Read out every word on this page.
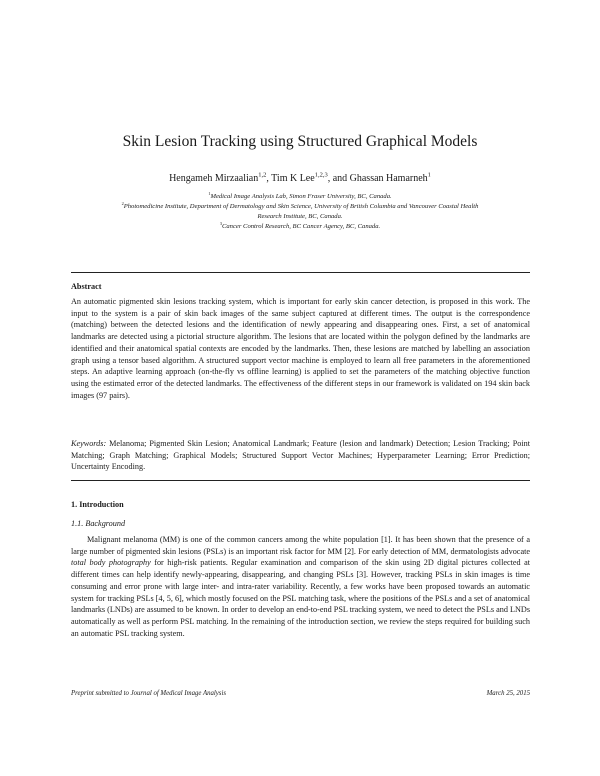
Skin Lesion Tracking using Structured Graphical Models
Hengameh Mirzaalian$^{1,2}$, Tim K Lee$^{1,2,3}$, and Ghassan Hamarneh$^1$
$^1$Medical Image Analysis Lab, Simon Fraser University, BC, Canada.
$^2$Photomedicine Institute, Department of Dermatology and Skin Science, University of British Columbia and Vancouver Coastal Health
Research Institute, BC, Canada.
$^3$Cancer Control Research, BC Cancer Agency, BC, Canada.
Abstract

An automatic pigmented skin lesions tracking system, which is important for early skin cancer detection, is proposed in this work. The input to the system is a pair of skin back images of the same subject captured at different times. The output is the correspondence (matching) between the detected lesions and the identification of newly appearing and disappearing ones. First, a set of anatomical landmarks are detected using a pictorial structure algorithm. The lesions that are located within the polygon defined by the landmarks are identified and their anatomical spatial contexts are encoded by the landmarks. Then, these lesions are matched by labelling an association graph using a tensor based algorithm. A structured support vector machine is employed to learn all free parameters in the aforementioned steps. An adaptive learning approach (on-the-fly vs offline learning) is applied to set the parameters of the matching objective function using the estimated error of the detected landmarks. The effectiveness of the different steps in our framework is validated on 194 skin back images (97 pairs).

Keywords: Melanoma; Pigmented Skin Lesion; Anatomical Landmark; Feature (lesion and landmark) Detection; Lesion Tracking; Point Matching; Graph Matching; Graphical Models; Structured Support Vector Machines; Hyperparameter Learning; Error Prediction; Uncertainty Encoding.

1. Introduction
1.1. Background

Malignant melanoma (MM) is one of the common cancers among the white population [1]. It has been shown that the presence of a large number of pigmented skin lesions (PSLs) is an important risk factor for MM [2]. For early detection of MM, dermatologists advocate total body photography for high-risk patients. Regular examination and comparison of the skin using 2D digital pictures collected at different times can help identify newly-appearing, disappearing, and changing PSLs [3]. However, tracking PSLs in skin images is time consuming and error prone with large inter- and intra-rater variability. Recently, a few works have been proposed towards an automatic system for tracking PSLs [4, 5, 6], which mostly focused on the PSL matching task, where the positions of the PSLs and a set of anatomical landmarks (LNDs) are assumed to be known. In order to develop an end-to-end PSL tracking system, we need to detect the PSLs and LNDs automatically as well as perform PSL matching. In the remaining of the introduction section, we review the steps required for building such an automatic PSL tracking system.

Preprint submitted to Journal of Medical Image Analysis	March 25, 2015
